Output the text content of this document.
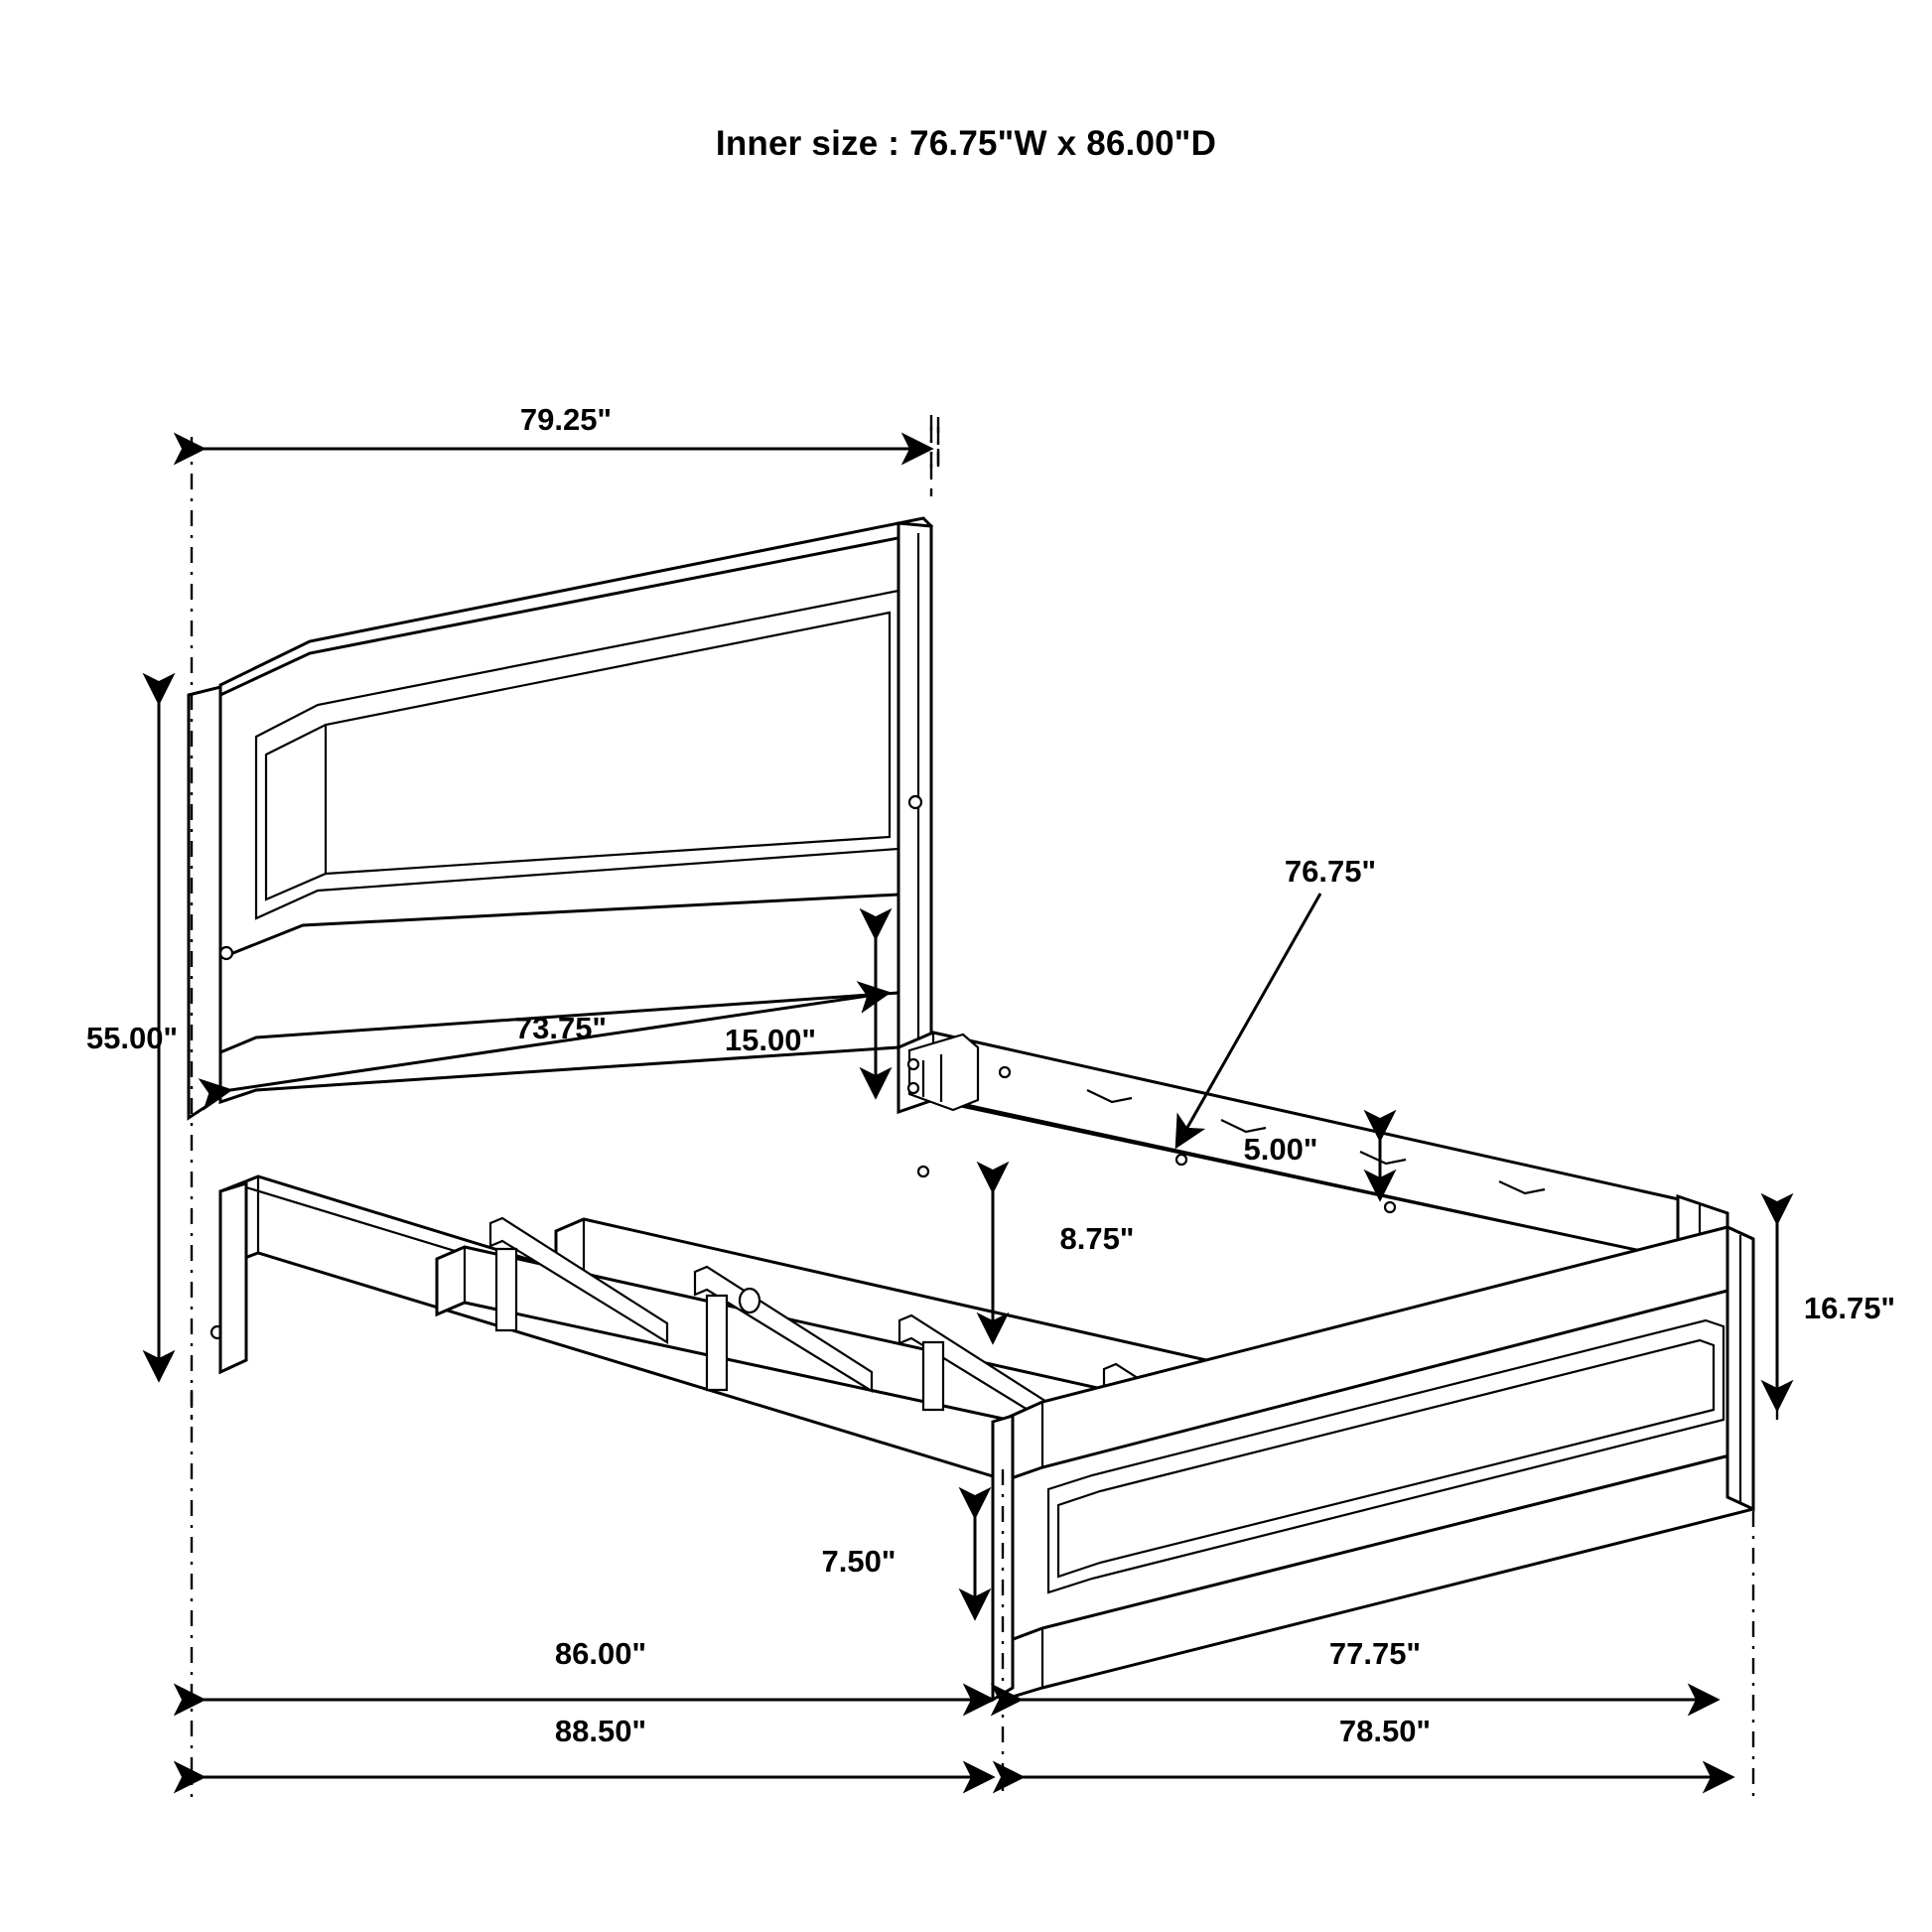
Inner size : 76.75"W x 86.00"D
79.25"
55.00"	73.75"	15.00"
76.75"
5.00"
8.75"
16.75"
7.50"
86.00"
88.50"
77.75"
78.50"
